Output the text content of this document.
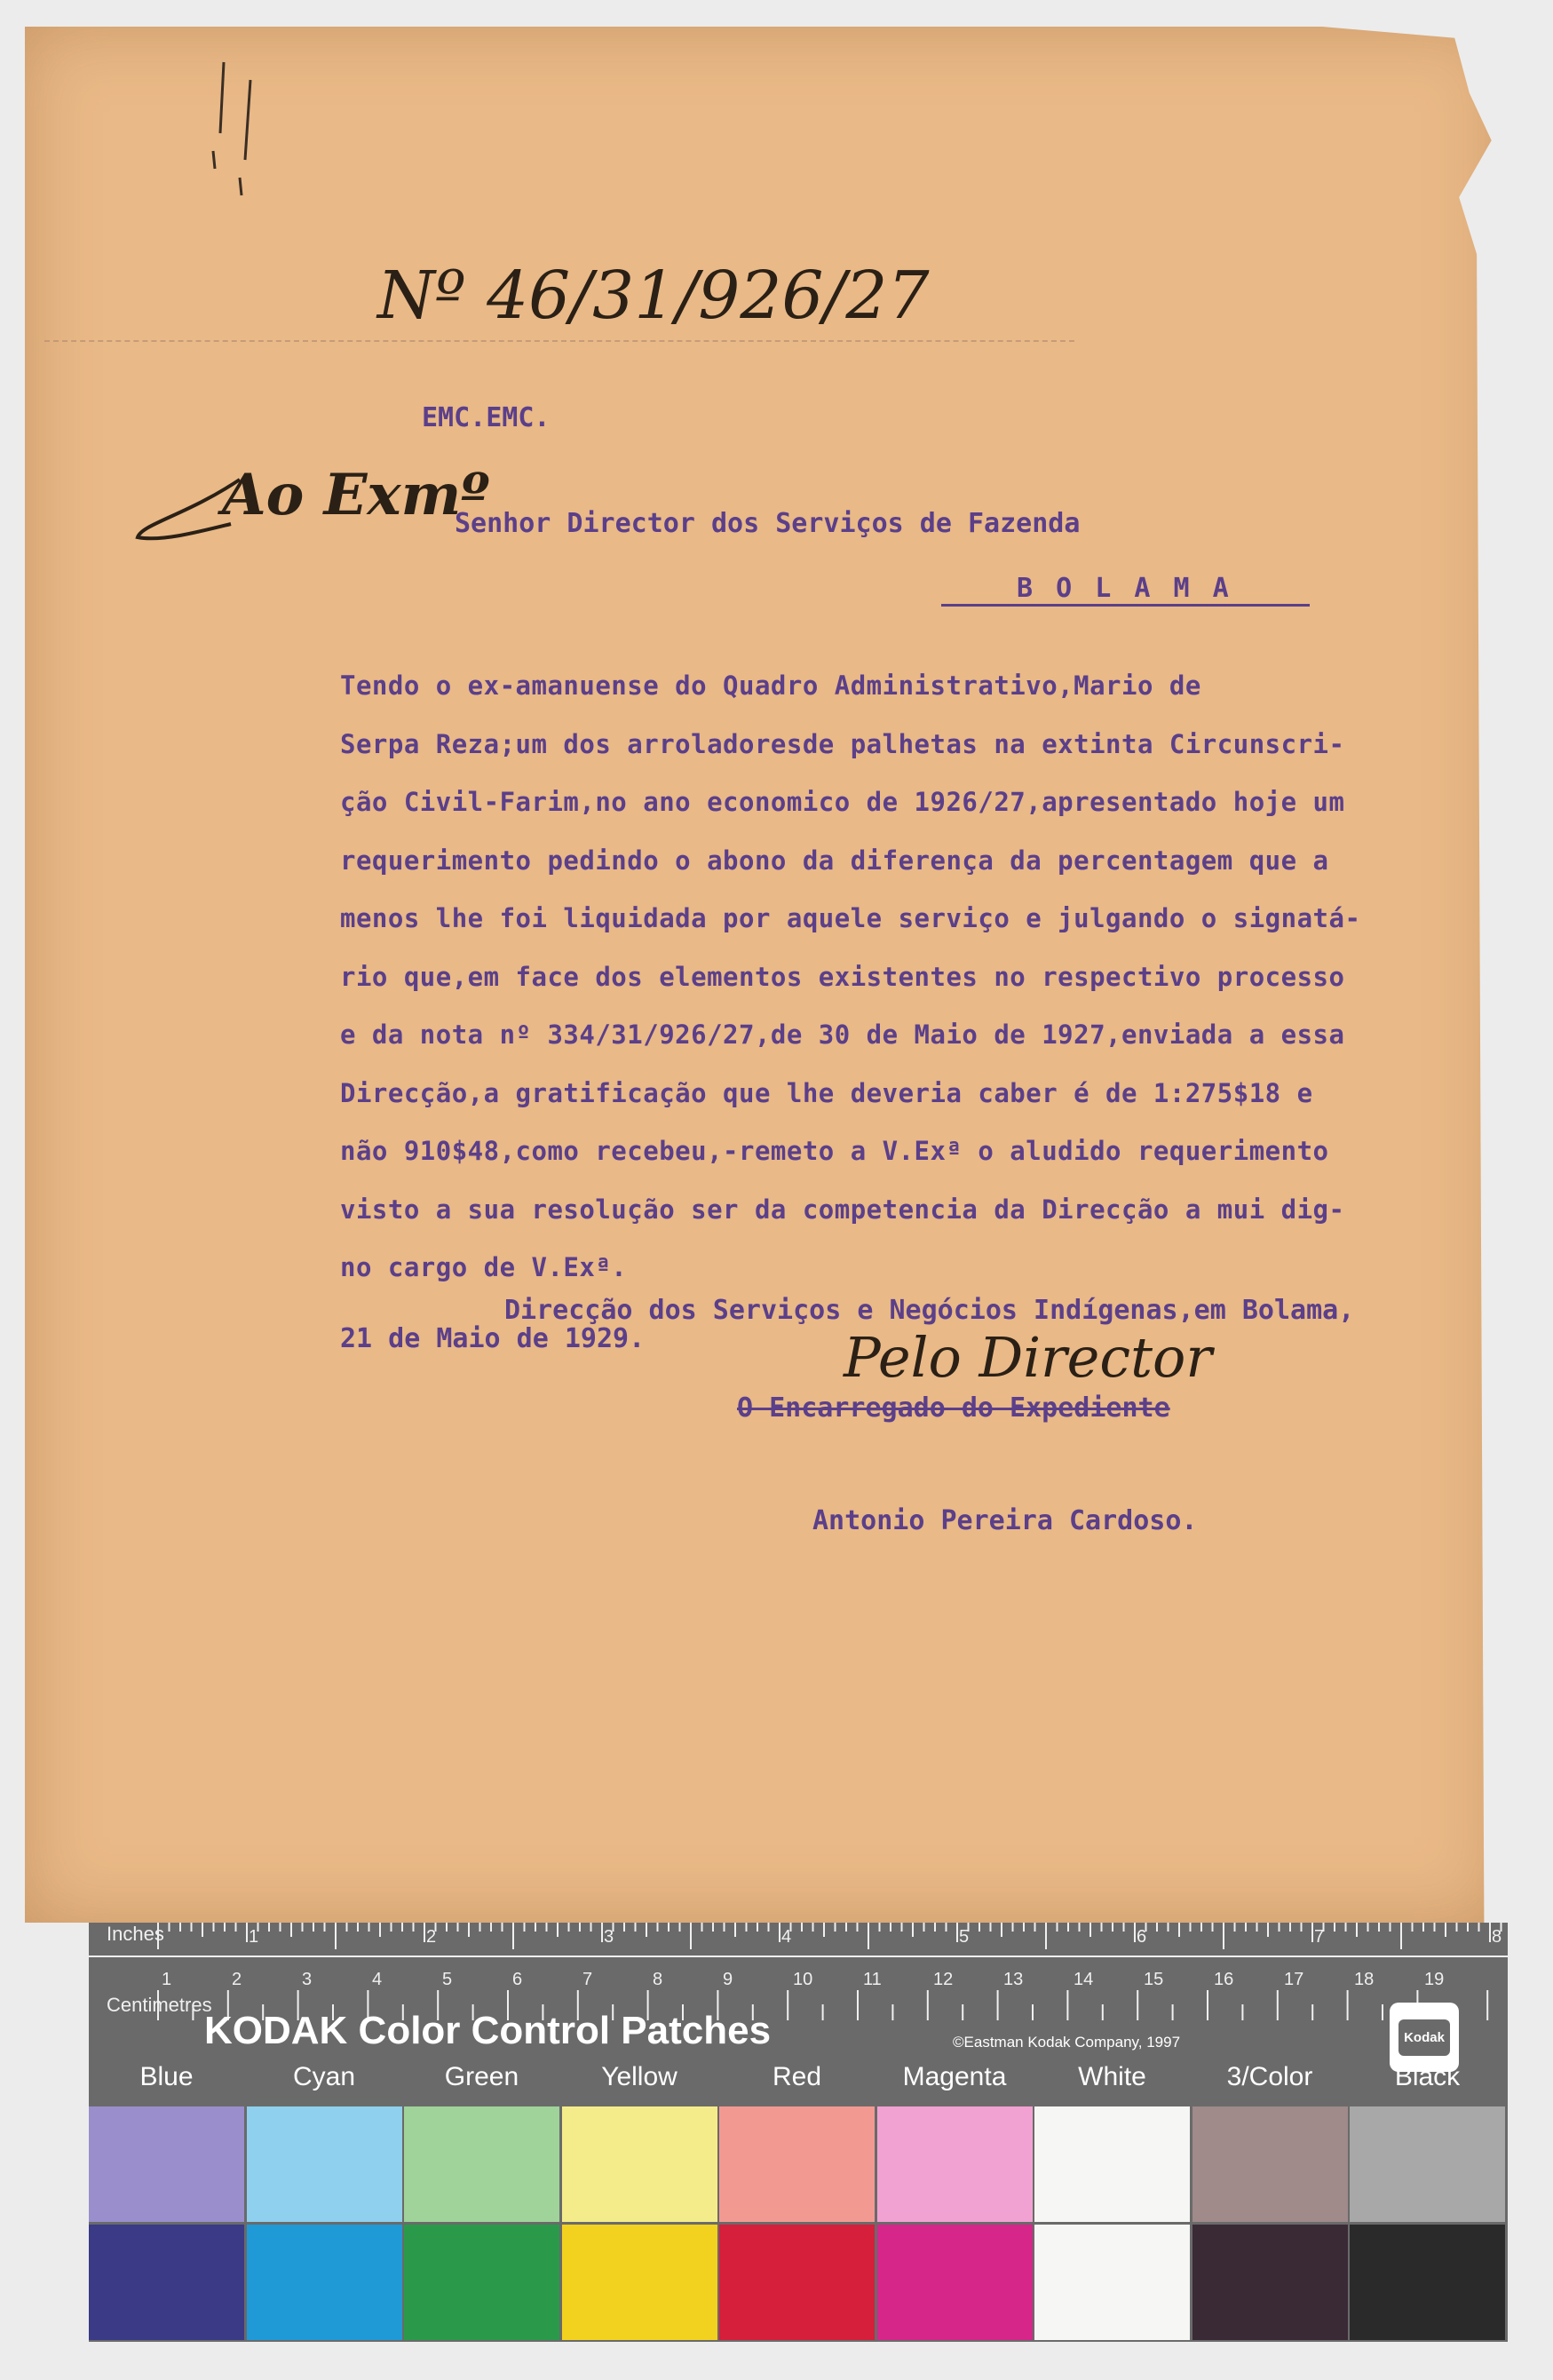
Nº 46/31/926/27
EMC.EMC.
Ao Exmº
Senhor Director dos Serviços de Fazenda
B O L A M A
Tendo o ex-amanuense do Quadro Administrativo,Mario de
Serpa Reza;um dos arroladoresde palhetas na extinta Circunscri-
ção Civil-Farim,no ano economico de 1926/27,apresentado hoje um
requerimento pedindo o abono da diferença da percentagem que a
menos lhe foi liquidada por aquele serviço e julgando o signatá-
rio que,em face dos elementos existentes no respectivo processo
e da nota nº 334/31/926/27,de 30 de Maio de 1927,enviada a essa
Direcção,a gratificação que lhe deveria caber é de 1:275$18 e
não 910$48,como recebeu,-remeto a V.Exª o aludido requerimento
visto a sua resolução ser da competencia da Direcção a mui dig-
no cargo de V.Exª.
Direcção dos Serviços e Negócios Indígenas,em Bolama,
21 de Maio de 1929.	Pelo Director
O Encarregado do Expediente
Antonio Pereira Cardoso.
Inches
Centimetres
1	2	3	4	5	6	7	8
1	2	3	4	5	6	7	8	9	10	11	12	13	14	15	16	17	18	19
KODAK Color Control Patches	©Eastman Kodak Company, 1997	Kodak
Blue	Cyan	Green	Yellow	Red	Magenta	White	3/Color	Black
